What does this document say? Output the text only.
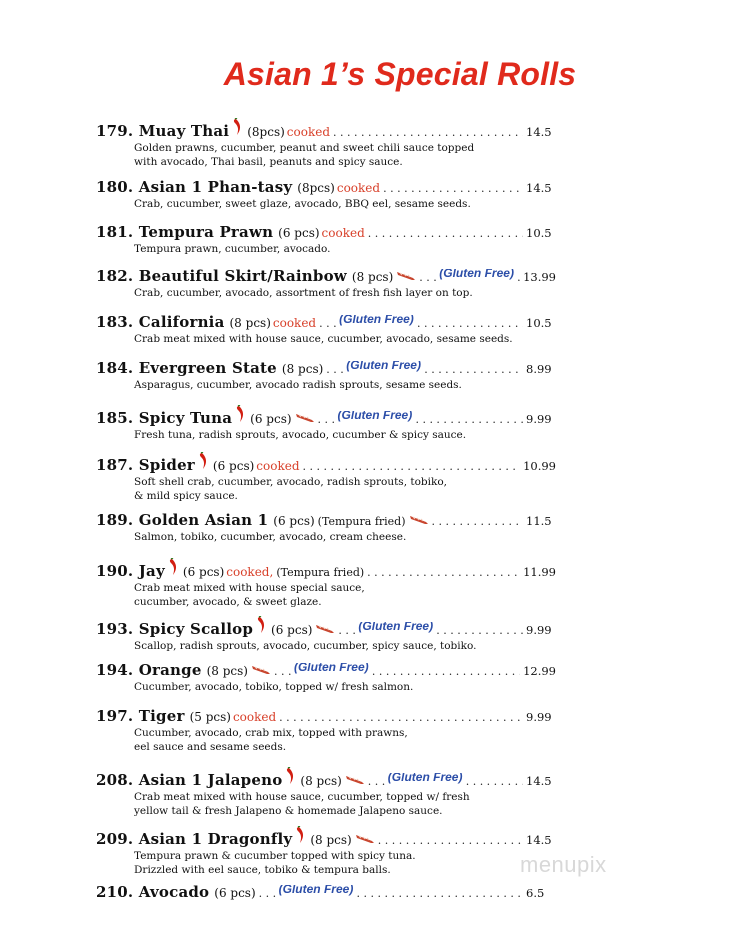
Asian 1’s Special Rolls
179. Muay Thai (8pcs) cooked . . .	14.5
Golden prawns, cucumber, peanut and sweet chili sauce topped
with avocado, Thai basil, peanuts and spicy sauce.
180. Asian 1 Phan-tasy (8pcs) cooked . . .	14.5
Crab, cucumber, sweet glaze, avocado, BBQ eel, sesame seeds.
181. Tempura Prawn (6 pcs) cooked . . .	10.5
Tempura prawn, cucumber, avocado.
182. Beautiful Skirt/Rainbow (8 pcs)	. . . (Gluten Free) 13.99
Crab, cucumber, avocado, assortment of fresh fish layer on top.
183. California (8 pcs) cooked . . . (Gluten Free)	10.5
Crab meat mixed with house sauce, cucumber, avocado, sesame seeds.
184. Evergreen State (8 pcs) . . . (Gluten Free)	8.99
Asparagus, cucumber, avocado radish sprouts, sesame seeds.
185. Spicy Tuna (6 pcs)	. . . (Gluten Free)	9.99
Fresh tuna, radish sprouts, avocado, cucumber & spicy sauce.
187. Spider (6 pcs) cooked . . .	10.99
Soft shell crab, cucumber, avocado, radish sprouts, tobiko,
& mild spicy sauce.
189. Golden Asian 1 (6 pcs) (Tempura fried) . . .	11.5
Salmon, tobiko, cucumber, avocado, cream cheese.
190. Jay (6 pcs) cooked, (Tempura fried) . . .	11.99
Crab meat mixed with house special sauce,
cucumber, avocado, & sweet glaze.
193. Spicy Scallop (6 pcs)	. . . (Gluten Free)	9.99
Scallop, radish sprouts, avocado, cucumber, spicy sauce, tobiko.
194. Orange (8 pcs)	. . . (Gluten Free)	12.99
Cucumber, avocado, tobiko, topped w/ fresh salmon.
197. Tiger (5 pcs) cooked . . .	9.99
Cucumber, avocado, crab mix, topped with prawns,
eel sauce and sesame seeds.
208. Asian 1 Jalapeno (8 pcs)	. . . (Gluten Free)	14.5
Crab meat mixed with house sauce, cucumber, topped w/ fresh
yellow tail & fresh Jalapeno & homemade Jalapeno sauce.
209. Asian 1 Dragonfly (8 pcs) . . .	14.5
Tempura prawn & cucumber topped with spicy tuna.
Drizzled with eel sauce, tobiko & tempura balls.
210. Avocado (6 pcs) . . . (Gluten Free)	6.5
menupix
